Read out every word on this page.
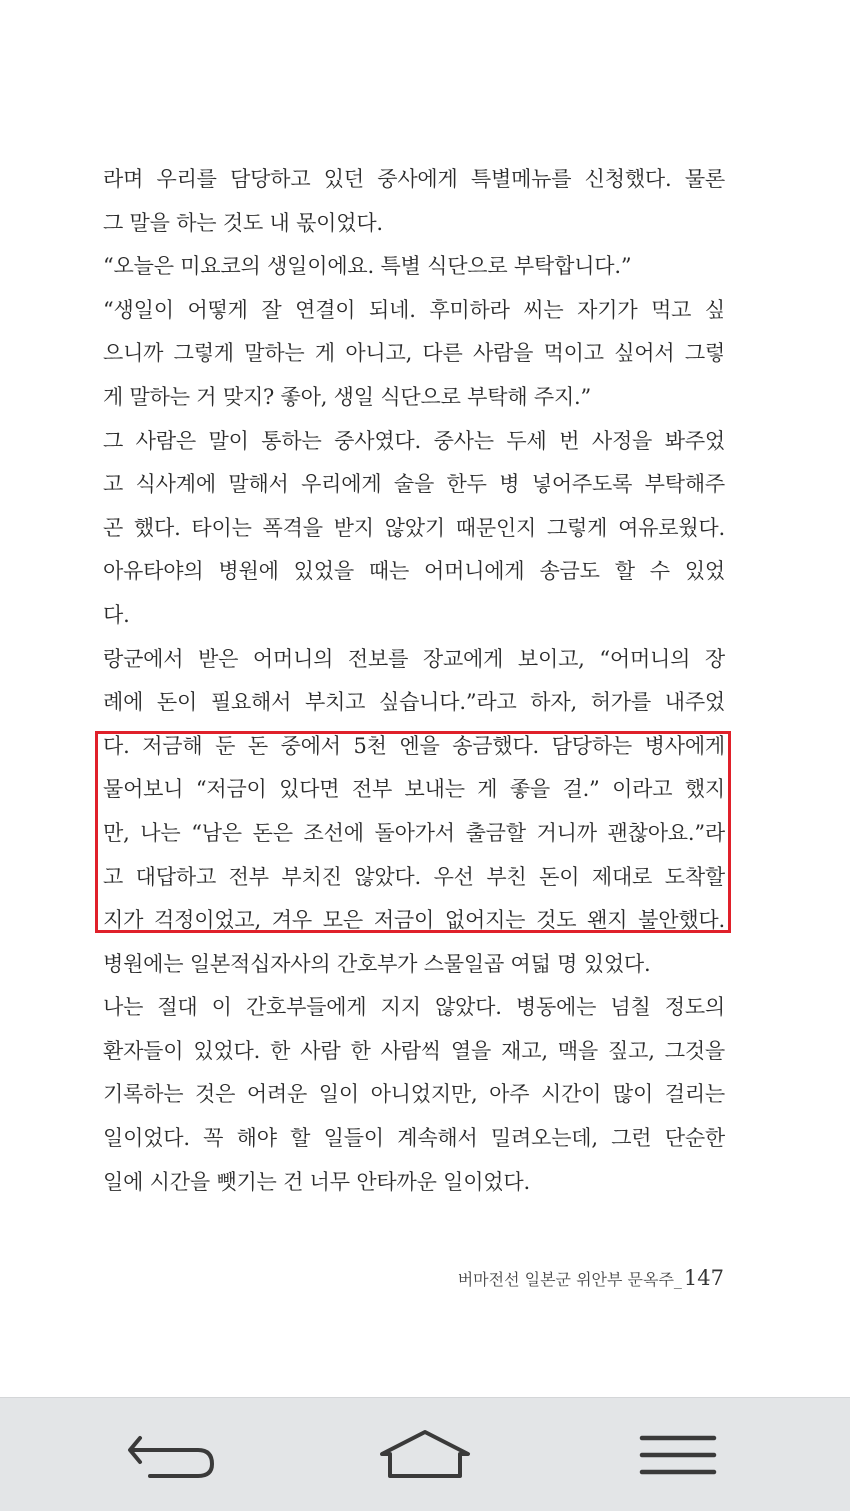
라며 우리를 담당하고 있던 중사에게 특별메뉴를 신청했다. 물론
그 말을 하는 것도 내 몫이었다.
“오늘은 미요코의 생일이에요. 특별 식단으로 부탁합니다.”
“생일이 어떻게 잘 연결이 되네. 후미하라 씨는 자기가 먹고 싶
으니까 그렇게 말하는 게 아니고, 다른 사람을 먹이고 싶어서 그렇
게 말하는 거 맞지? 좋아, 생일 식단으로 부탁해 주지.”
그 사람은 말이 통하는 중사였다. 중사는 두세 번 사정을 봐주었
고 식사계에 말해서 우리에게 술을 한두 병 넣어주도록 부탁해주
곤 했다. 타이는 폭격을 받지 않았기 때문인지 그렇게 여유로웠다.
아유타야의 병원에 있었을 때는 어머니에게 송금도 할 수 있었
다.
랑군에서 받은 어머니의 전보를 장교에게 보이고, “어머니의 장
례에 돈이 필요해서 부치고 싶습니다.”라고 하자, 허가를 내주었
다. 저금해 둔 돈 중에서 5천 엔을 송금했다. 담당하는 병사에게
물어보니 “저금이 있다면 전부 보내는 게 좋을 걸.” 이라고 했지
만, 나는 “남은 돈은 조선에 돌아가서 출금할 거니까 괜찮아요.”라
고 대답하고 전부 부치진 않았다. 우선 부친 돈이 제대로 도착할
지가 걱정이었고, 겨우 모은 저금이 없어지는 것도 왠지 불안했다.
병원에는 일본적십자사의 간호부가 스물일곱 여덟 명 있었다.
나는 절대 이 간호부들에게 지지 않았다. 병동에는 넘칠 정도의
환자들이 있었다. 한 사람 한 사람씩 열을 재고, 맥을 짚고, 그것을
기록하는 것은 어려운 일이 아니었지만, 아주 시간이 많이 걸리는
일이었다. 꼭 해야 할 일들이 계속해서 밀려오는데, 그런 단순한
일에 시간을 뺏기는 건 너무 안타까운 일이었다.
버마전선 일본군 위안부 문옥주_147
